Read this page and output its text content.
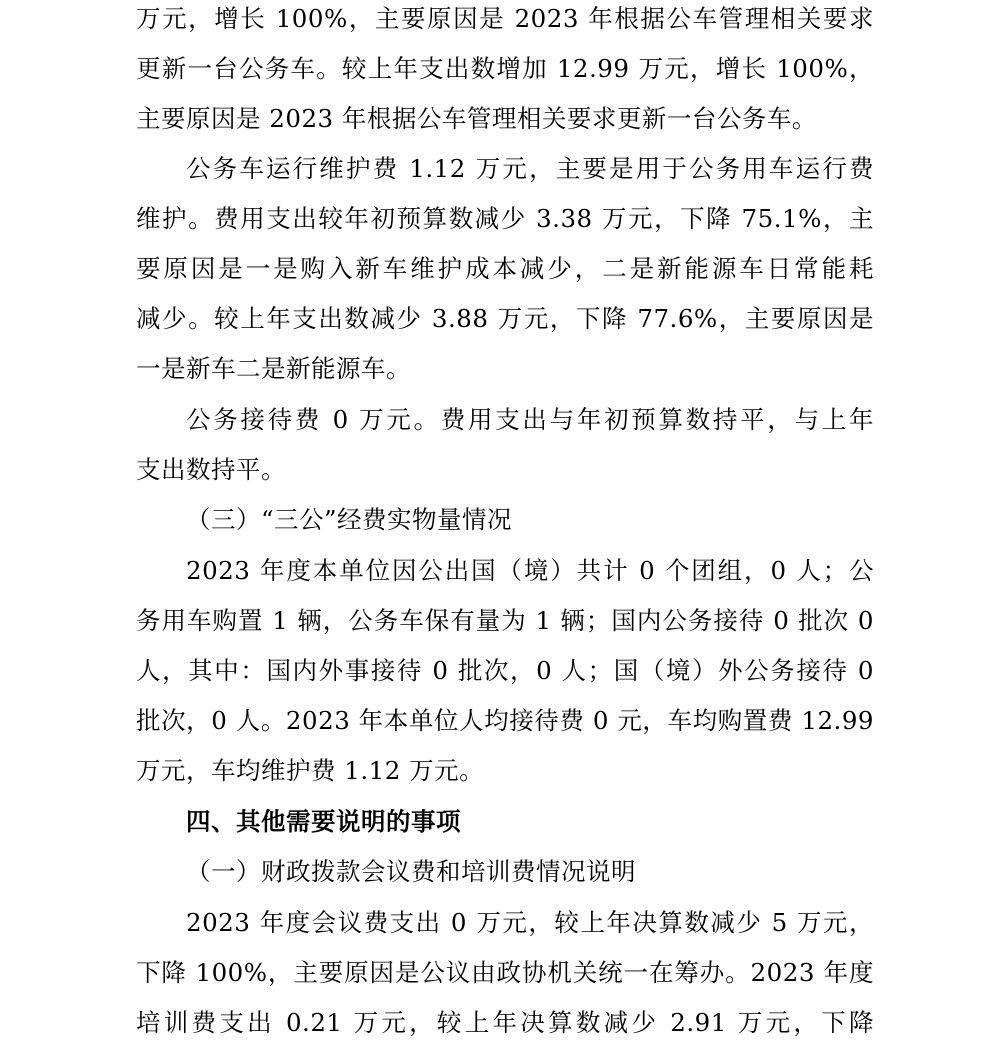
万元，增长 100%，主要原因是 2023 年根据公车管理相关要求
更新一台公务车。较上年支出数增加 12.99 万元，增长 100%，
主要原因是 2023 年根据公车管理相关要求更新一台公务车。
公务车运行维护费 1.12 万元，主要是用于公务用车运行费
维护。费用支出较年初预算数减少 3.38 万元，下降 75.1%，主
要原因是一是购入新车维护成本减少，二是新能源车日常能耗
减少。较上年支出数减少 3.88 万元，下降 77.6%，主要原因是
一是新车二是新能源车。
公务接待费 0 万元。费用支出与年初预算数持平，与上年
支出数持平。
（三）“三公”经费实物量情况
2023 年度本单位因公出国（境）共计 0 个团组，0 人；公
务用车购置 1 辆，公务车保有量为 1 辆；国内公务接待 0 批次 0
人，其中：国内外事接待 0 批次，0 人；国（境）外公务接待 0
批次，0 人。2023 年本单位人均接待费 0 元，车均购置费 12.99
万元，车均维护费 1.12 万元。
四、其他需要说明的事项
（一）财政拨款会议费和培训费情况说明
2023 年度会议费支出 0 万元，较上年决算数减少 5 万元，
下降 100%，主要原因是公议由政协机关统一在筹办。2023 年度
培训费支出 0.21 万元，较上年决算数减少 2.91 万元，下降
